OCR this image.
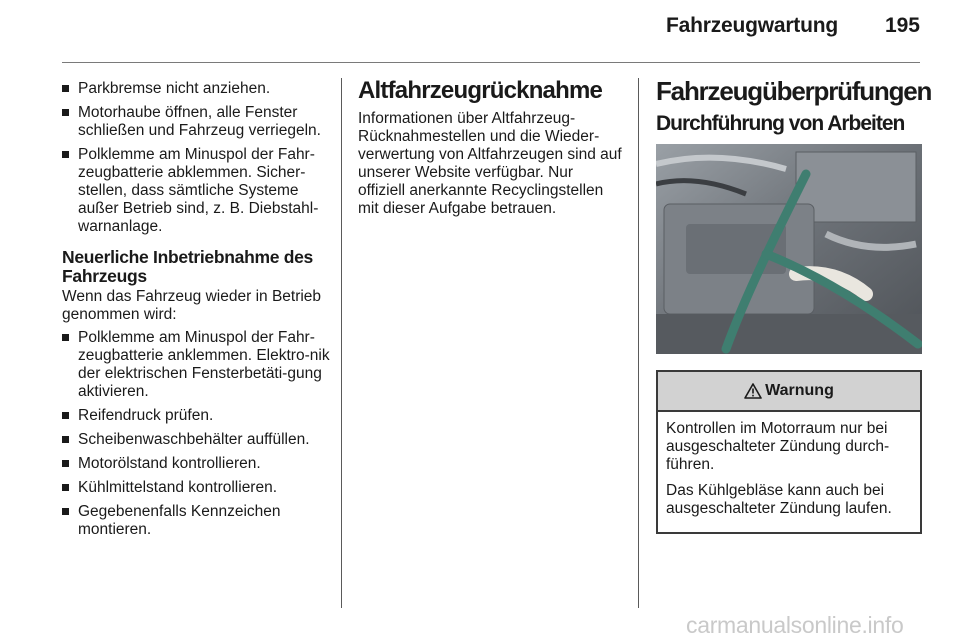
Fahrzeugwartung	195
Parkbremse nicht anziehen.
Motorhaube öffnen, alle Fenster schließen und Fahrzeug verriegeln.
Polklemme am Minuspol der Fahr-zeugbatterie abklemmen. Sicher-stellen, dass sämtliche Systeme außer Betrieb sind, z. B. Diebstahl-warnanlage.
Neuerliche Inbetriebnahme des Fahrzeugs

Wenn das Fahrzeug wieder in Betrieb genommen wird:

Polklemme am Minuspol der Fahr-zeugbatterie anklemmen. Elektro-nik der elektrischen Fensterbetäti-gung aktivieren.
Reifendruck prüfen.
Scheibenwaschbehälter auffüllen.
Motorölstand kontrollieren.
Kühlmittelstand kontrollieren.
Gegebenenfalls Kennzeichen montieren.
Altfahrzeugrücknahme

Informationen über Altfahrzeug-Rücknahmestellen und die Wieder-verwertung von Altfahrzeugen sind auf unserer Website verfügbar. Nur offiziell anerkannte Recyclingstellen mit dieser Aufgabe betrauen.

Fahrzeugüberprüfungen
Durchführung von Arbeiten
Warnung

Kontrollen im Motorraum nur bei ausgeschalteter Zündung durch-führen.

Das Kühlgebläse kann auch bei ausgeschalteter Zündung laufen.

carmanualsonline.info
